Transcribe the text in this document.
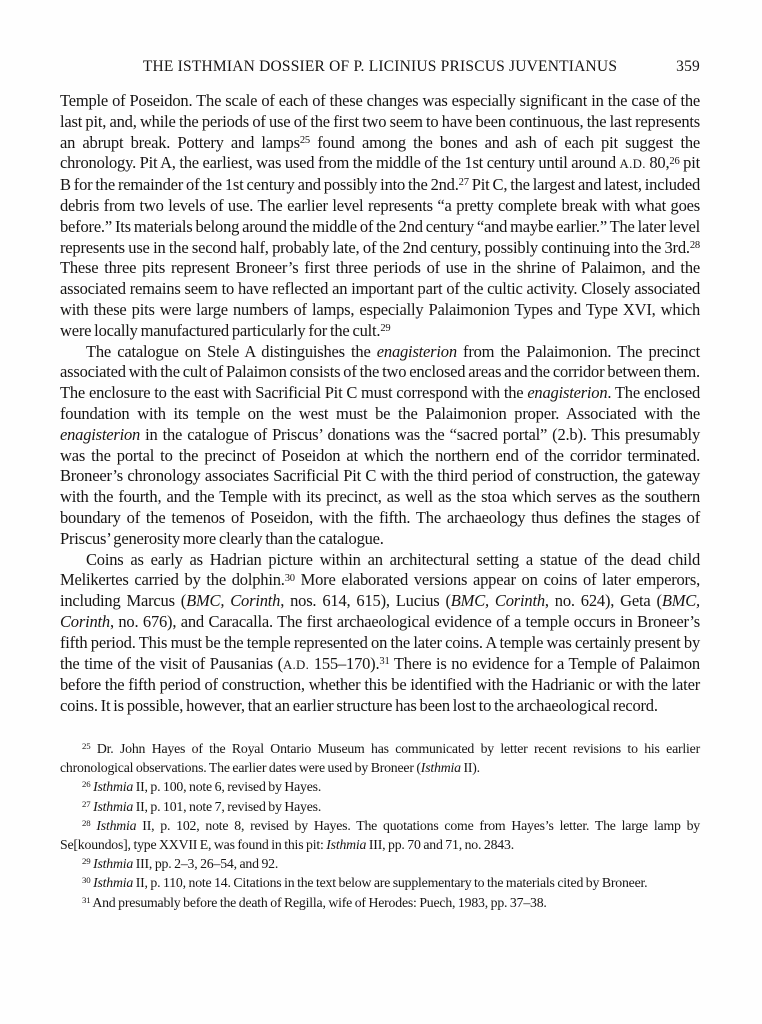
THE ISTHMIAN DOSSIER OF P. LICINIUS PRISCUS JUVENTIANUS	359

Temple of Poseidon. The scale of each of these changes was especially significant in the case of the last pit, and, while the periods of use of the first two seem to have been continuous, the last represents an abrupt break. Pottery and lamps$^{25}$ found among the bones and ash of each pit suggest the chronology. Pit A, the earliest, was used from the middle of the 1st century until around A.D. 80,26 pit B for the remainder of the 1st century and possibly into the 2nd.$^{27}$ Pit C, the largest and latest, included debris from two levels of use. The earlier level represents “a pretty complete break with what goes before.” Its materials belong around the middle of the 2nd century “and maybe earlier.” The later level represents use in the second half, probably late, of the 2nd century, possibly continuing into the 3rd.$^{28}$ These three pits represent Broneer’s first three periods of use in the shrine of Palaimon, and the associated remains seem to have reflected an important part of the cultic activity. Closely associated with these pits were large numbers of lamps, especially Palaimonion Types and Type XVI, which were locally manufactured particularly for the cult.$^{29}$

The catalogue on Stele A distinguishes the enagisterion from the Palaimonion. The precinct associated with the cult of Palaimon consists of the two enclosed areas and the corridor between them. The enclosure to the east with Sacrificial Pit C must correspond with the enagisterion. The enclosed foundation with its temple on the west must be the Palaimonion proper. Associated with the enagisterion in the catalogue of Priscus’ donations was the “sacred portal” (2.b). This presumably was the portal to the precinct of Poseidon at which the northern end of the corridor terminated. Broneer’s chronology associates Sacrificial Pit C with the third period of construction, the gateway with the fourth, and the Temple with its precinct, as well as the stoa which serves as the southern boundary of the temenos of Poseidon, with the fifth. The archaeology thus defines the stages of Priscus’ generosity more clearly than the catalogue.

Coins as early as Hadrian picture within an architectural setting a statue of the dead child Melikertes carried by the dolphin.$^{30}$ More elaborated versions appear on coins of later emperors, including Marcus (BMC, Corinth, nos. 614, 615), Lucius (BMC, Corinth, no. 624), Geta (BMC, Corinth, no. 676), and Caracalla. The first archaeological evidence of a temple occurs in Broneer’s fifth period. This must be the temple represented on the later coins. A temple was certainly present by the time of the visit of Pausanias (A.D. 155–170).$^{31}$ There is no evidence for a Temple of Palaimon before the fifth period of construction, whether this be identified with the Hadrianic or with the later coins. It is possible, however, that an earlier structure has been lost to the archaeological record.

$^{25}$ Dr. John Hayes of the Royal Ontario Museum has communicated by letter recent revisions to his earlier chronological observations. The earlier dates were used by Broneer (Isthmia II).

$^{26}$ Isthmia II, p. 100, note 6, revised by Hayes.

$^{27}$ Isthmia II, p. 101, note 7, revised by Hayes.

$^{28}$ Isthmia II, p. 102, note 8, revised by Hayes. The quotations come from Hayes’s letter. The large lamp by Se[koundos], type XXVII E, was found in this pit: Isthmia III, pp. 70 and 71, no. 2843.

$^{29}$ Isthmia III, pp. 2–3, 26–54, and 92.

$^{30}$ Isthmia II, p. 110, note 14. Citations in the text below are supplementary to the materials cited by Broneer.

$^{31}$ And presumably before the death of Regilla, wife of Herodes: Puech, 1983, pp. 37–38.
